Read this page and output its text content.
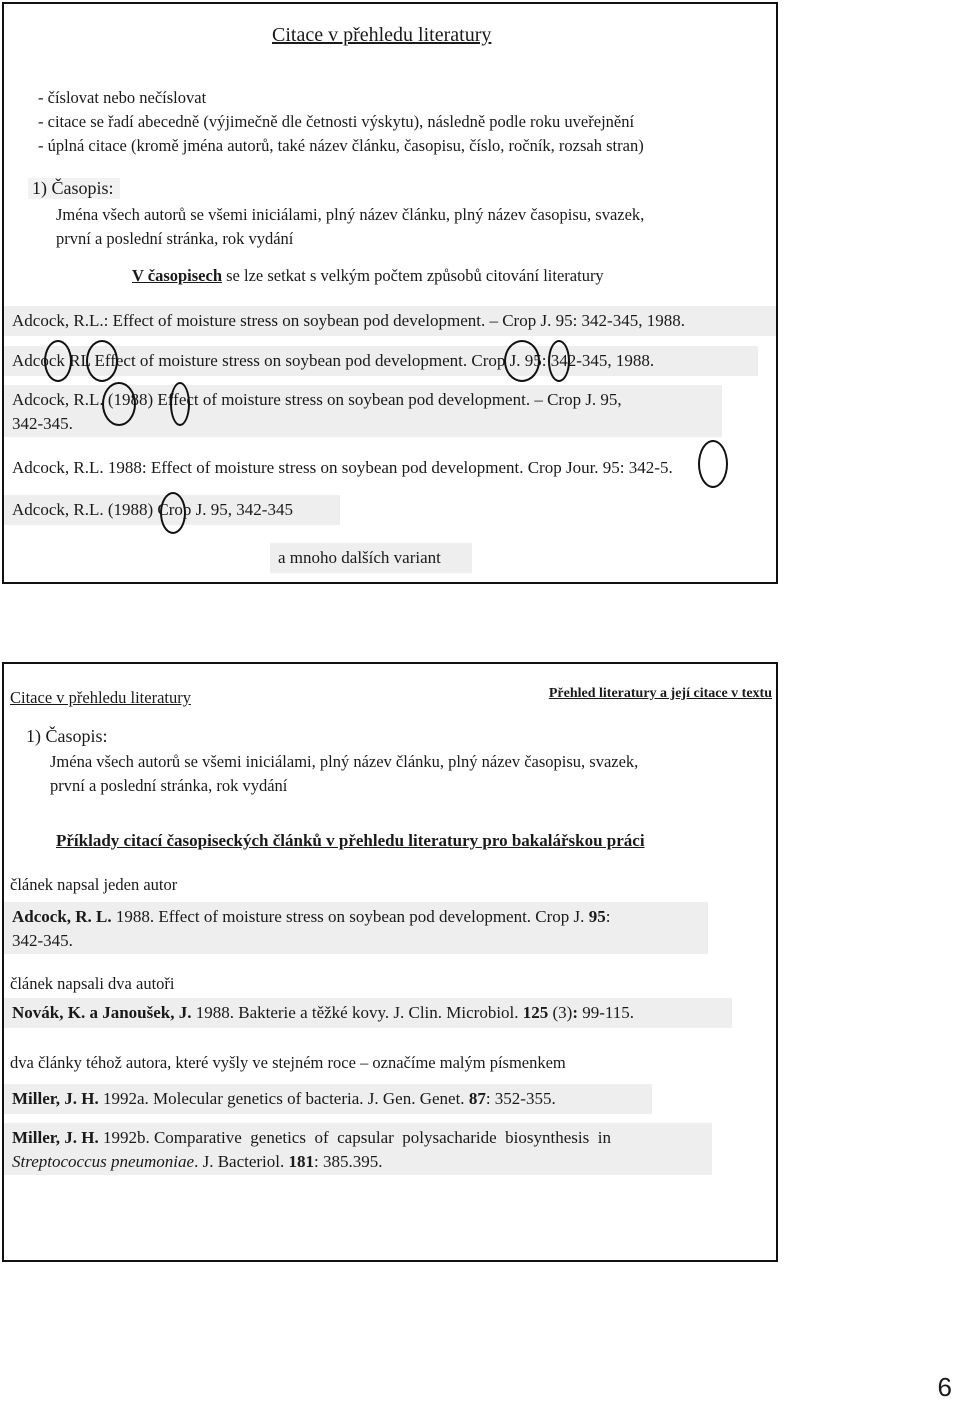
Citace v přehledu literatury
- číslovat nebo nečíslovat
- citace se řadí abecedně (výjimečně dle četnosti výskytu), následně podle roku uveřejnění
- úplná citace (kromě jména autorů, také název článku, časopisu, číslo, ročník, rozsah stran)
1) Časopis:
Jména všech autorů se všemi iniciálami, plný název článku, plný název časopisu, svazek,
první a poslední stránka, rok vydání
V časopisech se lze setkat s velkým počtem způsobů citování literatury
Adcock, R.L.: Effect of moisture stress on soybean pod development. – Crop J. 95: 342-345, 1988.
Adcock RL Effect of moisture stress on soybean pod development. Crop J. 95: 342-345, 1988.
Adcock, R.L. (1988) Effect of moisture stress on soybean pod development. – Crop J. 95,
342-345.
Adcock, R.L. 1988: Effect of moisture stress on soybean pod development. Crop Jour. 95: 342-5.
Adcock, R.L. (1988) Crop J. 95, 342-345
a mnoho dalších variant
Citace v přehledu literatury	Přehled literatury a její citace v textu
1) Časopis:
Jména všech autorů se všemi iniciálami, plný název článku, plný název časopisu, svazek,
první a poslední stránka, rok vydání
Příklady citací časopiseckých článků v přehledu literatury pro bakalářskou práci
článek napsal jeden autor
Adcock, R. L. 1988. Effect of moisture stress on soybean pod development. Crop J. 95:
342-345.
článek napsali dva autoři
Novák, K. a Janoušek, J. 1988. Bakterie a těžké kovy. J. Clin. Microbiol. 125 (3): 99-115.
dva články téhož autora, které vyšly ve stejném roce – označíme malým písmenkem
Miller, J. H. 1992a. Molecular genetics of bacteria. J. Gen. Genet. 87: 352-355.
Miller, J. H. 1992b. Comparative  genetics  of  capsular  polysacharide  biosynthesis  in
Streptococcus pneumoniae. J. Bacteriol. 181: 385.395.
6
